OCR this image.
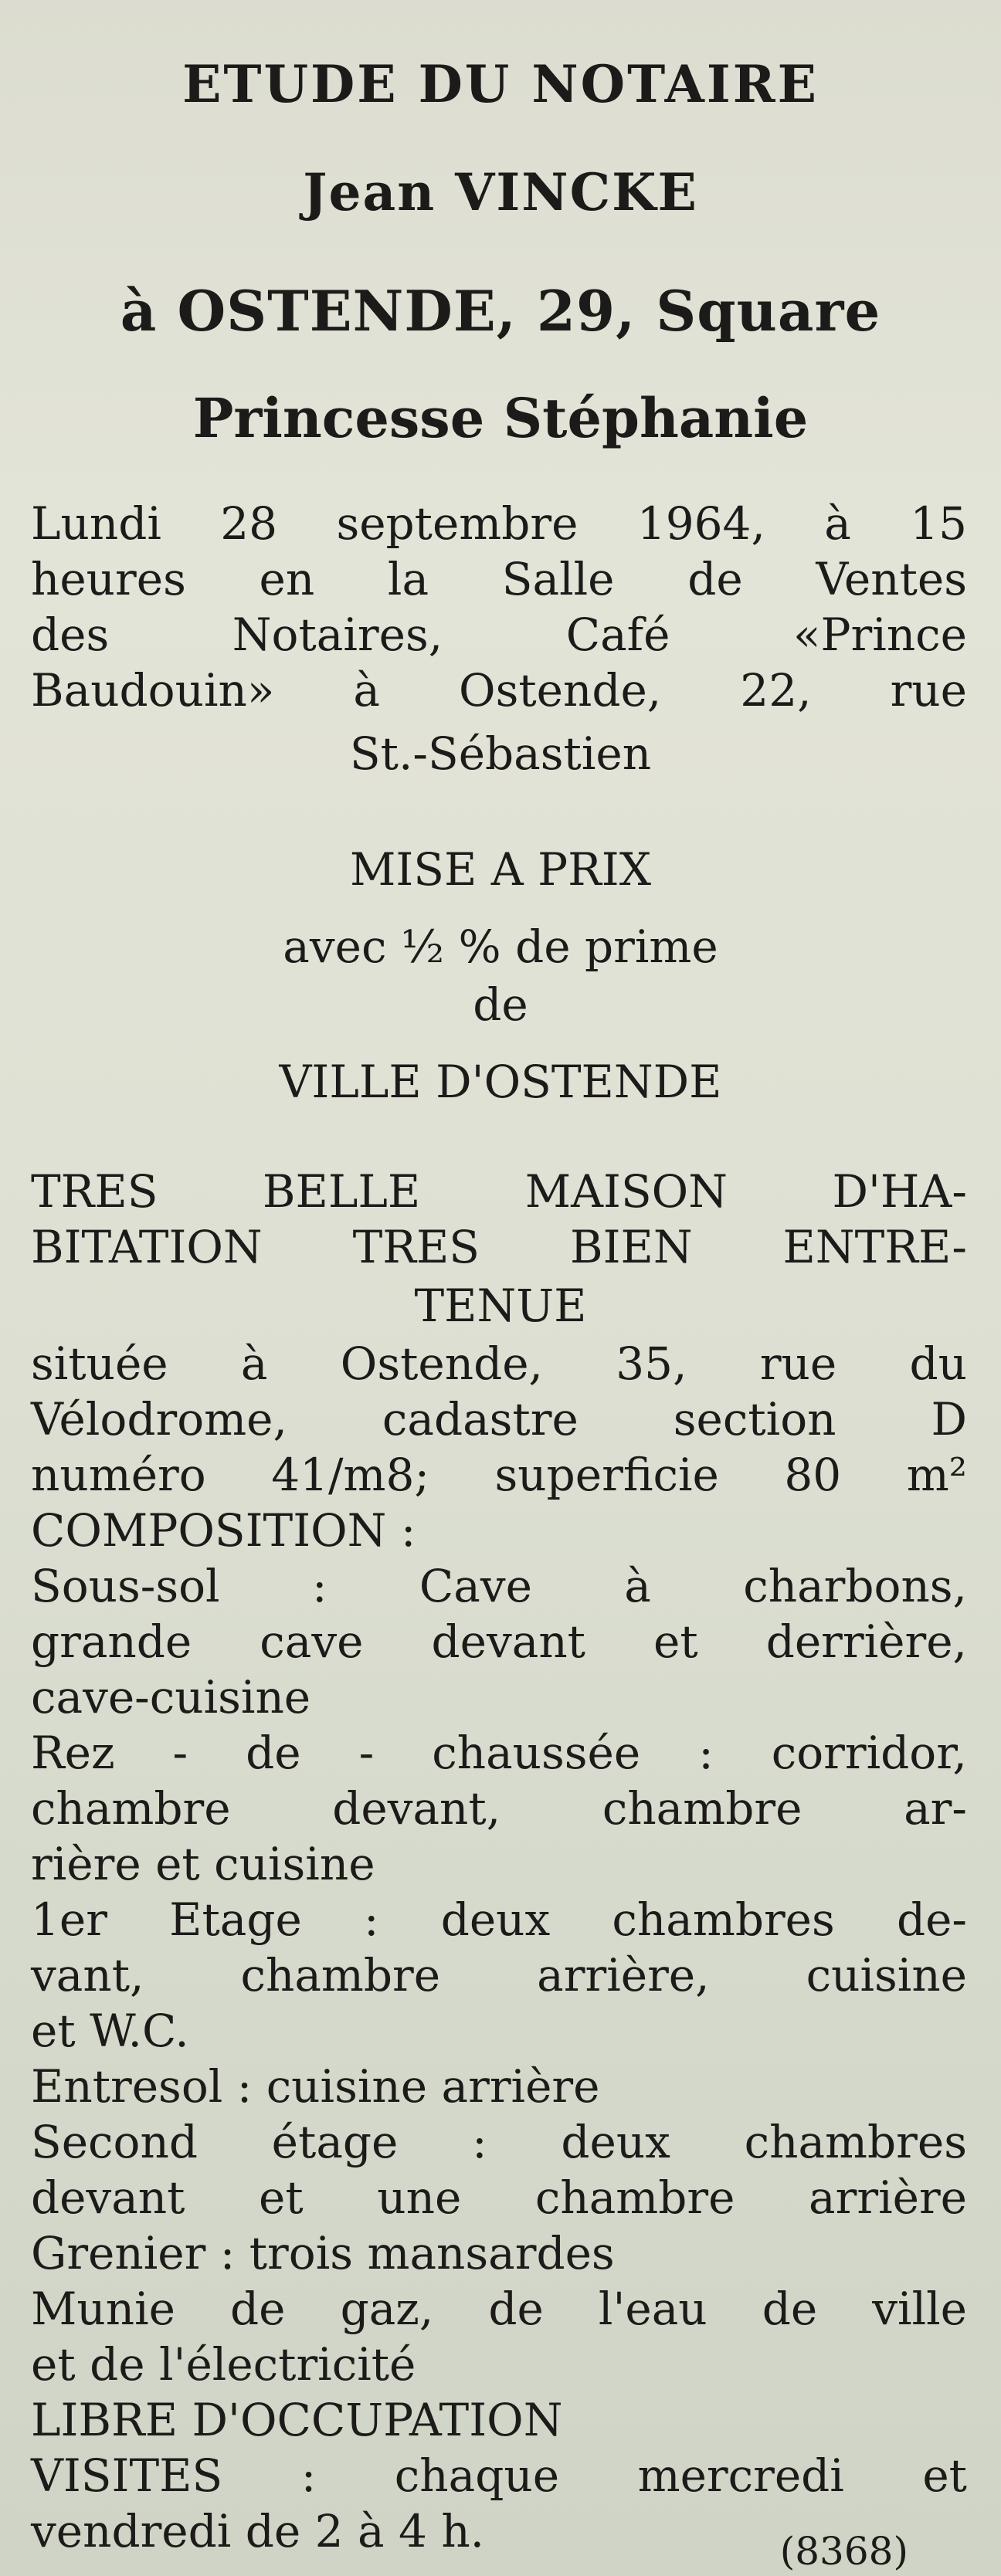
ETUDE DU NOTAIRE
Jean VINCKE
à OSTENDE, 29, Square
Princesse Stéphanie
Lundi 28 septembre 1964, à 15
heures en la Salle de Ventes
des Notaires, Café «Prince
Baudouin» à Ostende, 22, rue
St.-Sébastien
MISE A PRIX
avec ½ % de prime
de
VILLE D'OSTENDE
TRES BELLE MAISON D'HA-
BITATION TRES BIEN ENTRE-
TENUE
située à Ostende, 35, rue du
Vélodrome, cadastre section D
numéro 41/m8; superficie 80 m²
COMPOSITION :
Sous-sol : Cave à charbons,
grande cave devant et derrière,
cave-cuisine
Rez - de - chaussée : corridor,
chambre devant, chambre ar-
rière et cuisine
1er Etage : deux chambres de-
vant, chambre arrière, cuisine
et W.C.
Entresol : cuisine arrière
Second étage : deux chambres
devant et une chambre arrière
Grenier : trois mansardes
Munie de gaz, de l'eau de ville
et de l'électricité
LIBRE D'OCCUPATION
VISITES : chaque mercredi et
vendredi de 2 à 4 h.	(8368)
